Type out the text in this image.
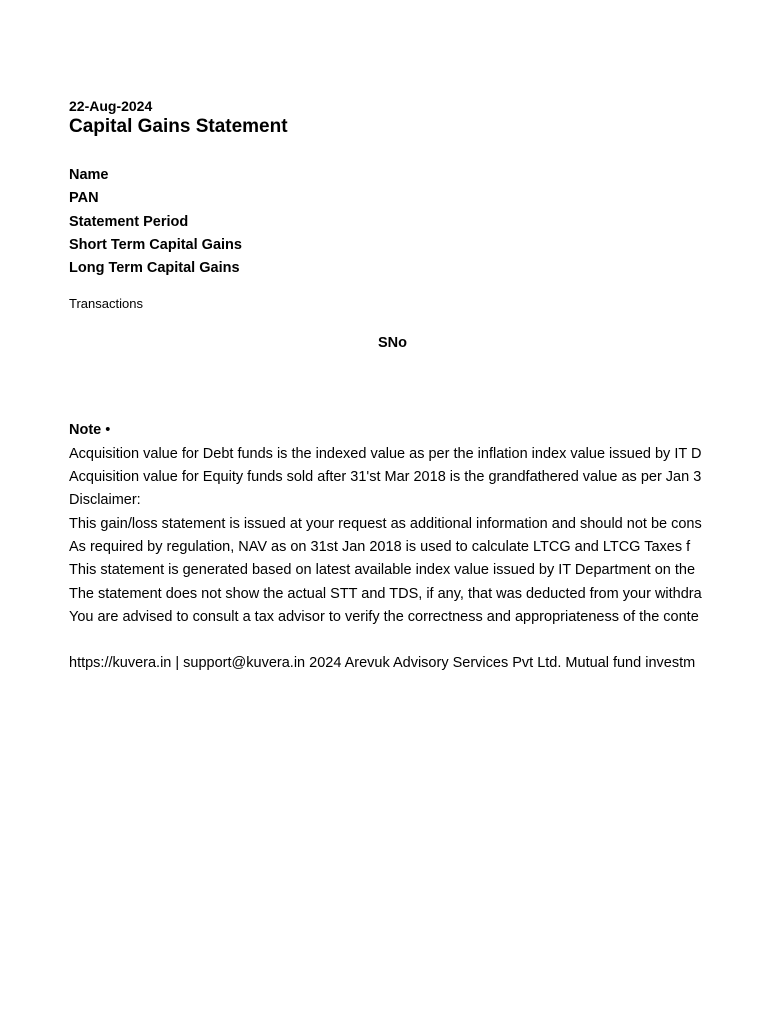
22-Aug-2024
Capital Gains Statement
Name
PAN
Statement Period
Short Term Capital Gains
Long Term Capital Gains
Transactions
SNo
Note •
Acquisition value for Debt funds is the indexed value as per the inflation index value issued by IT D
Acquisition value for Equity funds sold after 31'st Mar 2018 is the grandfathered value as per Jan 3
Disclaimer:
This gain/loss statement is issued at your request as additional information and should not be cons
As required by regulation, NAV as on 31st Jan 2018 is used to calculate LTCG and LTCG Taxes f
This statement is generated based on latest available index value issued by IT Department on the
The statement does not show the actual STT and TDS, if any, that was deducted from your withdra
You are advised to consult a tax advisor to verify the correctness and appropriateness of the conte
https://kuvera.in | support@kuvera.in 2024 Arevuk Advisory Services Pvt Ltd. Mutual fund investm
